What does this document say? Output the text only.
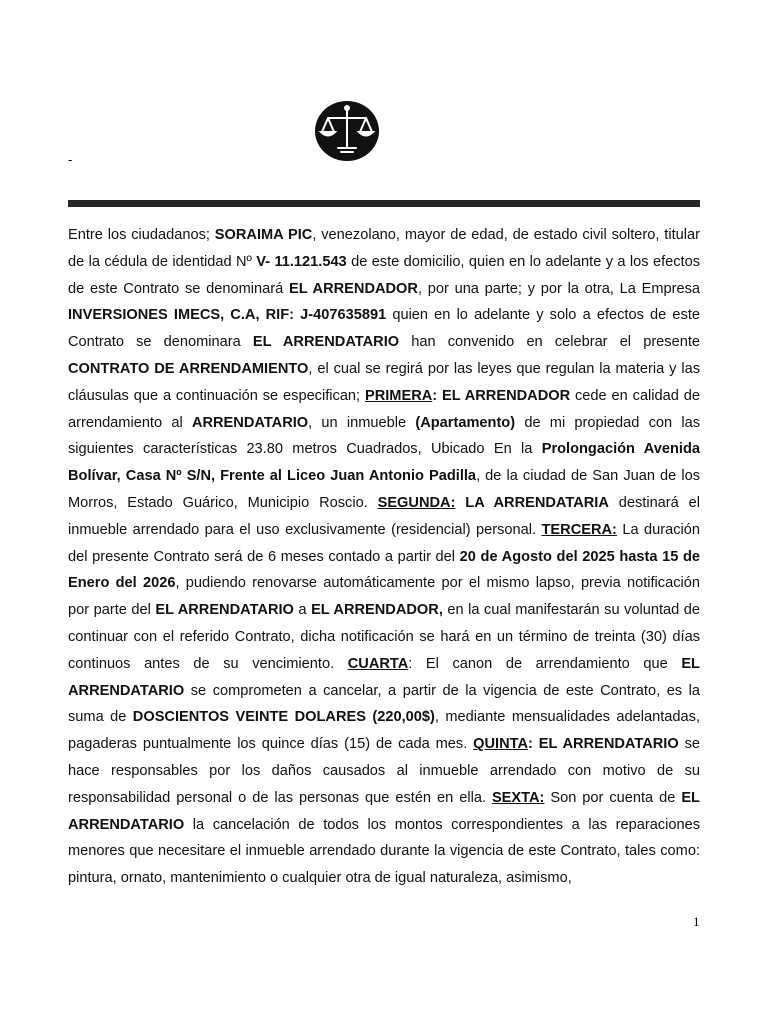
-
Entre los ciudadanos; SORAIMA PIC, venezolano, mayor de edad, de estado civil soltero, titular de la cédula de identidad Nº V- 11.121.543 de este domicilio, quien en lo adelante y a los efectos de este Contrato se denominará EL ARRENDADOR, por una parte; y por la otra, La Empresa INVERSIONES IMECS, C.A, RIF: J-407635891 quien en lo adelante y solo a efectos de este Contrato se denominara EL ARRENDATARIO han convenido en celebrar el presente CONTRATO DE ARRENDAMIENTO, el cual se regirá por las leyes que regulan la materia y las cláusulas que a continuación se especifican; PRIMERA: EL ARRENDADOR cede en calidad de arrendamiento al ARRENDATARIO, un inmueble (Apartamento) de mi propiedad con las siguientes características 23.80 metros Cuadrados, Ubicado En la Prolongación Avenida Bolívar, Casa Nº S/N, Frente al Liceo Juan Antonio Padilla, de la ciudad de San Juan de los Morros, Estado Guárico, Municipio Roscio. SEGUNDA: LA ARRENDATARIA destinará el inmueble arrendado para el uso exclusivamente (residencial) personal. TERCERA: La duración del presente Contrato será de 6 meses contado a partir del 20 de Agosto del 2025 hasta 15 de Enero del 2026, pudiendo renovarse automáticamente por el mismo lapso, previa notificación por parte del EL ARRENDATARIO a EL ARRENDADOR, en la cual manifestarán su voluntad de continuar con el referido Contrato, dicha notificación se hará en un término de treinta (30) días continuos antes de su vencimiento. CUARTA: El canon de arrendamiento que EL ARRENDATARIO se comprometen a cancelar, a partir de la vigencia de este Contrato, es la suma de DOSCIENTOS VEINTE DOLARES (220,00$), mediante mensualidades adelantadas, pagaderas puntualmente los quince días (15) de cada mes. QUINTA: EL ARRENDATARIO se hace responsables por los daños causados al inmueble arrendado con motivo de su responsabilidad personal o de las personas que estén en ella. SEXTA: Son por cuenta de EL ARRENDATARIO la cancelación de todos los montos correspondientes a las reparaciones menores que necesitare el inmueble arrendado durante la vigencia de este Contrato, tales como: pintura, ornato, mantenimiento o cualquier otra de igual naturaleza, asimismo,
1
